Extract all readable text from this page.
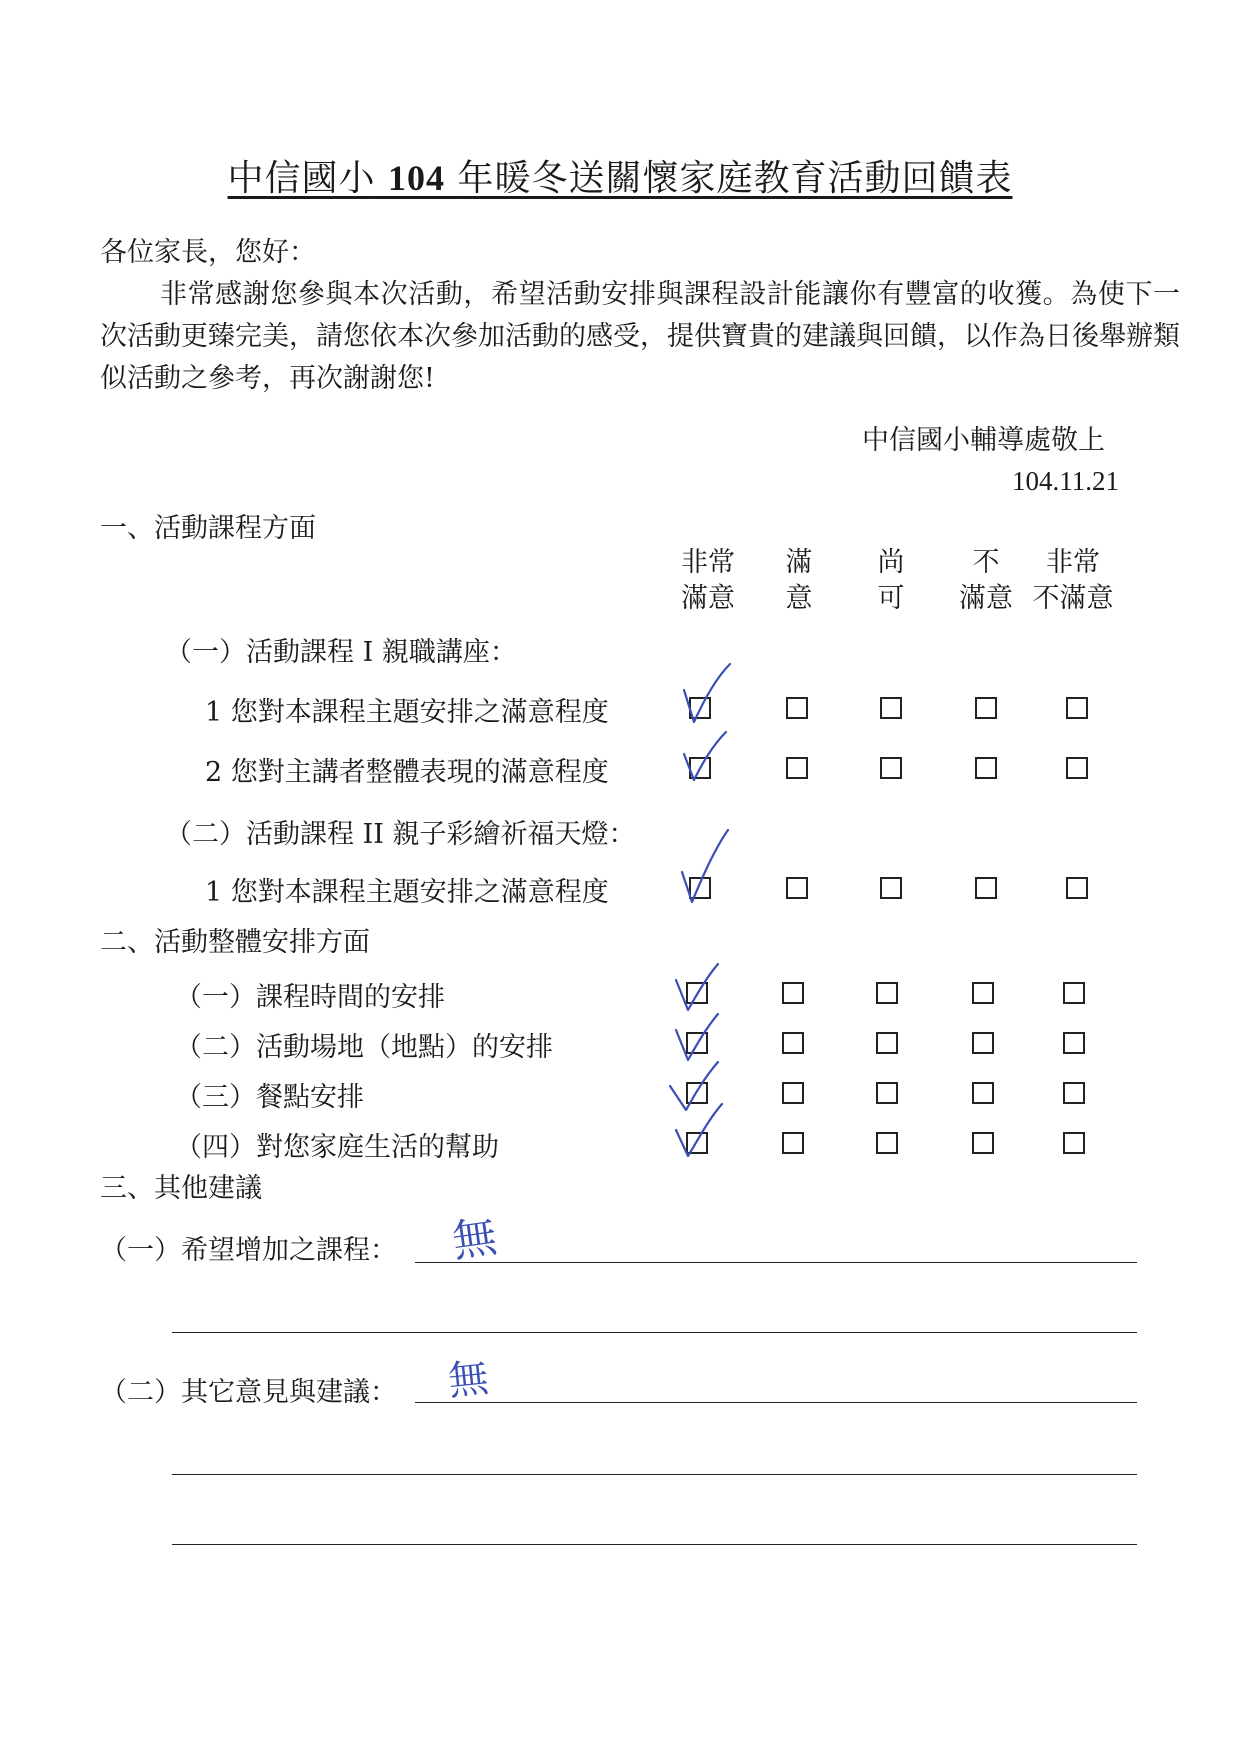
中信國小 104 年暖冬送關懷家庭教育活動回饋表
各位家長，您好：
非常感謝您參與本次活動，希望活動安排與課程設計能讓你有豐富的收獲。為使下一次活動更臻完美，請您依本次參加活動的感受，提供寶貴的建議與回饋，以作為日後舉辦類似活動之參考，再次謝謝您!
中信國小輔導處敬上
104.11.21
一、活動課程方面
非常
滿意
滿
意
尚
可
不
滿意
非常
不滿意
（一）活動課程 I 親職講座：
1 您對本課程主題安排之滿意程度
2 您對主講者整體表現的滿意程度
（二）活動課程 II 親子彩繪祈福天燈：
1 您對本課程主題安排之滿意程度
二、活動整體安排方面
（一）課程時間的安排
（二）活動場地（地點）的安排
（三）餐點安排
（四）對您家庭生活的幫助
三、其他建議
（一）希望增加之課程： 無
（二）其它意見與建議： 無
